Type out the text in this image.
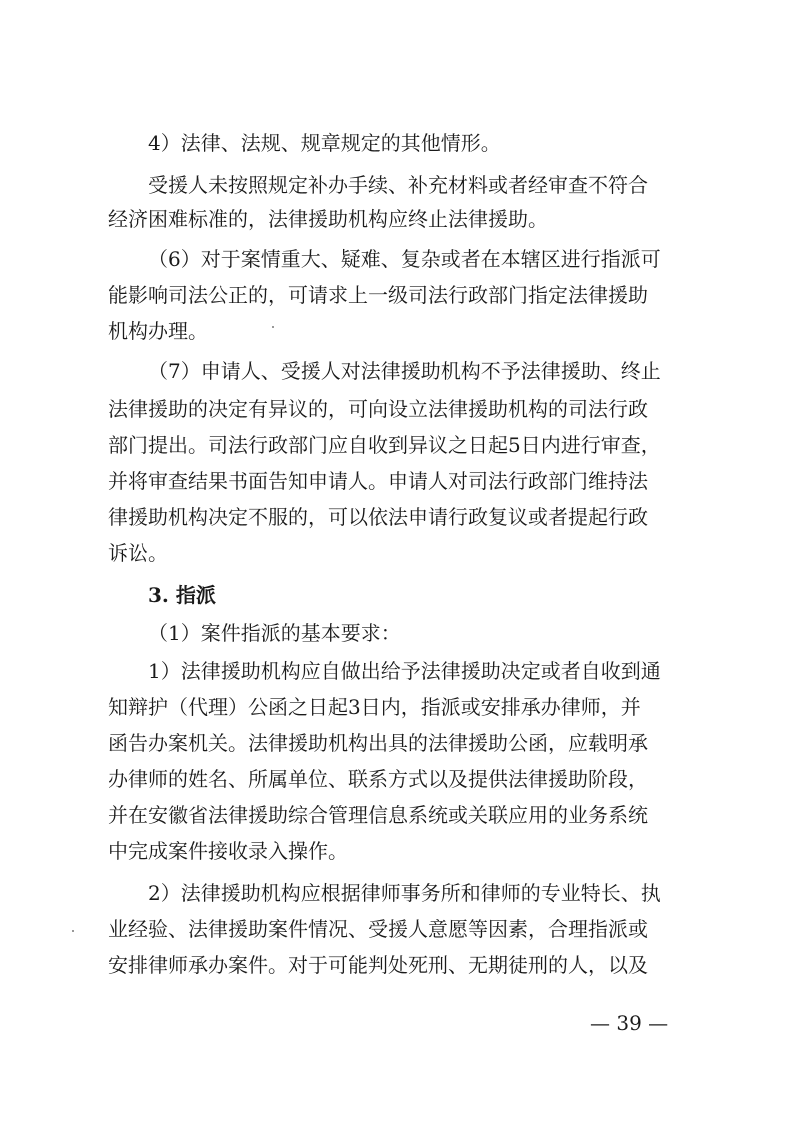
4）法律、法规、规章规定的其他情形。
受援人未按照规定补办手续、补充材料或者经审查不符合
经济困难标准的，法律援助机构应终止法律援助。
（6）对于案情重大、疑难、复杂或者在本辖区进行指派可
能影响司法公正的，可请求上一级司法行政部门指定法律援助
机构办理。
（7）申请人、受援人对法律援助机构不予法律援助、终止
法律援助的决定有异议的，可向设立法律援助机构的司法行政
部门提出。司法行政部门应自收到异议之日起5日内进行审查，
并将审查结果书面告知申请人。申请人对司法行政部门维持法
律援助机构决定不服的，可以依法申请行政复议或者提起行政
诉讼。
3. 指派
（1）案件指派的基本要求：
1）法律援助机构应自做出给予法律援助决定或者自收到通
知辩护（代理）公函之日起3日内，指派或安排承办律师，并
函告办案机关。法律援助机构出具的法律援助公函，应载明承
办律师的姓名、所属单位、联系方式以及提供法律援助阶段，
并在安徽省法律援助综合管理信息系统或关联应用的业务系统
中完成案件接收录入操作。
2）法律援助机构应根据律师事务所和律师的专业特长、执
业经验、法律援助案件情况、受援人意愿等因素，合理指派或
安排律师承办案件。对于可能判处死刑、无期徒刑的人，以及
— 39 —
